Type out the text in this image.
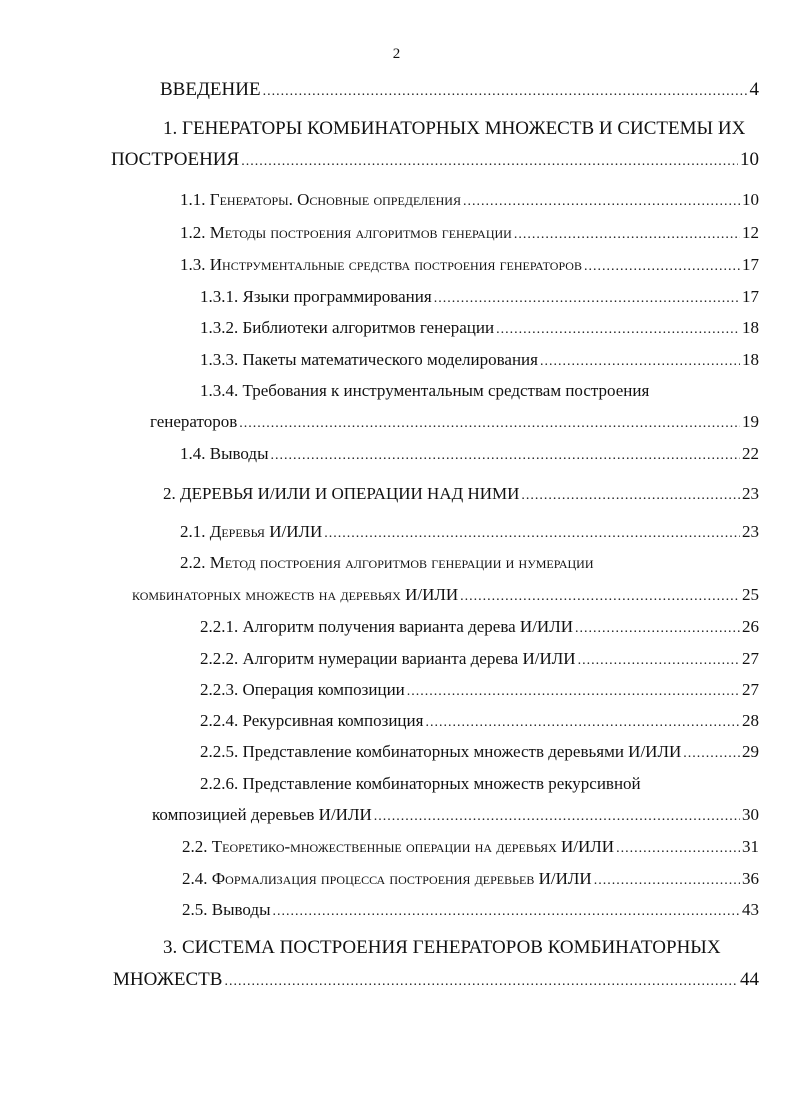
2
ВВЕДЕНИЕ .....	4
1. ГЕНЕРАТОРЫ КОМБИНАТОРНЫХ МНОЖЕСТВ И СИСТЕМЫ ИХ
ПОСТРОЕНИЯ .....	10
1.1. Генераторы. Основные определения .....	10
1.2. Методы построения алгоритмов генерации .....	12
1.3. Инструментальные средства построения генераторов .....	17
1.3.1. Языки программирования .....	17
1.3.2. Библиотеки алгоритмов генерации .....	18
1.3.3. Пакеты математического моделирования .....	18
1.3.4. Требования к инструментальным средствам построения
генераторов .....	19
1.4. Выводы .....	22
2. ДЕРЕВЬЯ И/ИЛИ И ОПЕРАЦИИ НАД НИМИ .....	23
2.1. Деревья И/ИЛИ .....	23
2.2. Метод построения алгоритмов генерации и нумерации
комбинаторных множеств на деревьях И/ИЛИ .....	25
2.2.1. Алгоритм получения варианта дерева И/ИЛИ .....	26
2.2.2. Алгоритм нумерации варианта дерева И/ИЛИ .....	27
2.2.3. Операция композиции .....	27
2.2.4. Рекурсивная композиция .....	28
2.2.5. Представление комбинаторных множеств деревьями И/ИЛИ .....	29
2.2.6. Представление комбинаторных множеств рекурсивной
композицией деревьев И/ИЛИ .....	30
2.2. Теоретико-множественные операции на деревьях И/ИЛИ .....	31
2.4. Формализация процесса построения деревьев И/ИЛИ .....	36
2.5. Выводы .....	43
3. СИСТЕМА ПОСТРОЕНИЯ ГЕНЕРАТОРОВ КОМБИНАТОРНЫХ
МНОЖЕСТВ .....	44
